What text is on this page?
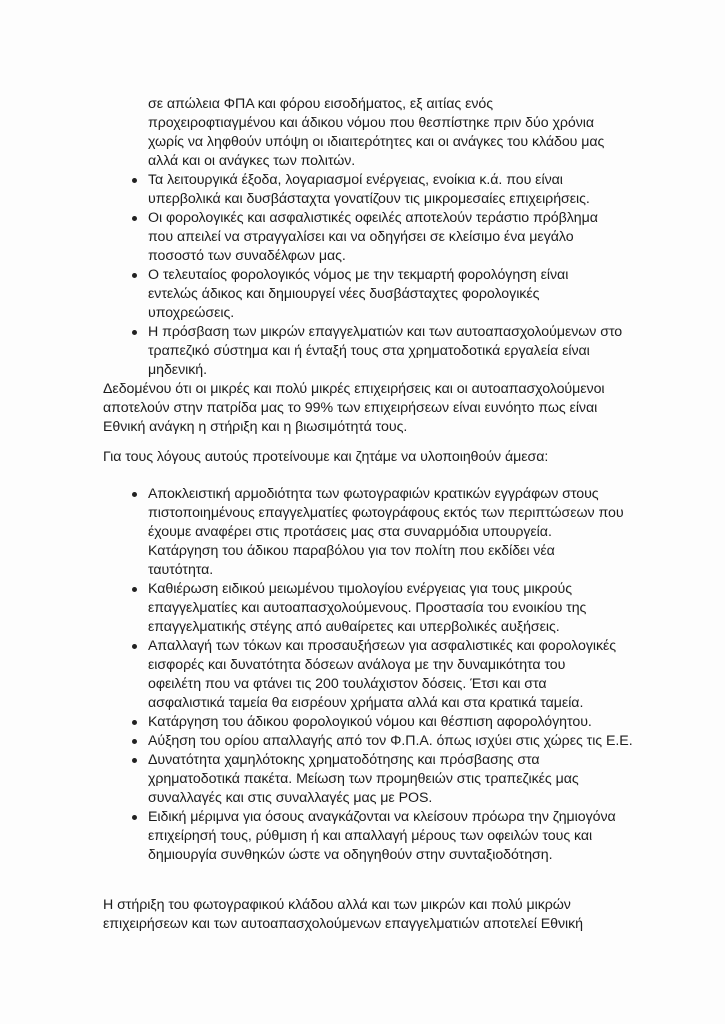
σε απώλεια ΦΠΑ και φόρου εισοδήματος, εξ αιτίας ενός
προχειροφτιαγμένου και άδικου νόμου που θεσπίστηκε πριν δύο χρόνια
χωρίς να ληφθούν υπόψη οι ιδιαιτερότητες και οι ανάγκες του κλάδου μας
αλλά και οι ανάγκες των πολιτών.
Τα λειτουργικά έξοδα, λογαριασμοί ενέργειας, ενοίκια κ.ά. που είναι
υπερβολικά και δυσβάσταχτα γονατίζουν τις μικρομεσαίες επιχειρήσεις.
Οι φορολογικές και ασφαλιστικές οφειλές αποτελούν τεράστιο πρόβλημα
που απειλεί να στραγγαλίσει και να οδηγήσει σε κλείσιμο ένα μεγάλο
ποσοστό των συναδέλφων μας.
Ο τελευταίος φορολογικός νόμος με την τεκμαρτή φορολόγηση είναι
εντελώς άδικος και δημιουργεί νέες δυσβάσταχτες φορολογικές
υποχρεώσεις.
Η πρόσβαση των μικρών επαγγελματιών και των αυτοαπασχολούμενων στο
τραπεζικό σύστημα και ή ένταξή τους στα χρηματοδοτικά εργαλεία είναι
μηδενική.
Δεδομένου ότι οι μικρές και πολύ μικρές επιχειρήσεις και οι αυτοαπασχολούμενοι
αποτελούν στην πατρίδα μας το 99% των επιχειρήσεων είναι ευνόητο πως είναι
Εθνική ανάγκη η στήριξη και η βιωσιμότητά τους.
Για τους λόγους αυτούς προτείνουμε και ζητάμε να υλοποιηθούν άμεσα:
Αποκλειστική αρμοδιότητα των φωτογραφιών κρατικών εγγράφων στους
πιστοποιημένους επαγγελματίες φωτογράφους εκτός των περιπτώσεων που
έχουμε αναφέρει στις προτάσεις μας στα συναρμόδια υπουργεία.
Κατάργηση του άδικου παραβόλου για τον πολίτη που εκδίδει νέα
ταυτότητα.
Καθιέρωση ειδικού μειωμένου τιμολογίου ενέργειας για τους μικρούς
επαγγελματίες και αυτοαπασχολούμενους. Προστασία του ενοικίου της
επαγγελματικής στέγης από αυθαίρετες και υπερβολικές αυξήσεις.
Απαλλαγή των τόκων και προσαυξήσεων για ασφαλιστικές και φορολογικές
εισφορές και δυνατότητα δόσεων ανάλογα με την δυναμικότητα του
οφειλέτη που να φτάνει τις 200 τουλάχιστον δόσεις. Έτσι και στα
ασφαλιστικά ταμεία θα εισρέουν χρήματα αλλά και στα κρατικά ταμεία.
Κατάργηση του άδικου φορολογικού νόμου και θέσπιση αφορολόγητου.
Αύξηση του ορίου απαλλαγής από τον Φ.Π.Α. όπως ισχύει στις χώρες τις Ε.Ε.
Δυνατότητα χαμηλότοκης χρηματοδότησης και πρόσβασης στα
χρηματοδοτικά πακέτα. Μείωση των προμηθειών στις τραπεζικές μας
συναλλαγές και στις συναλλαγές μας με POS.
Ειδική μέριμνα για όσους αναγκάζονται να κλείσουν πρόωρα την ζημιογόνα
επιχείρησή τους, ρύθμιση ή και απαλλαγή μέρους των οφειλών τους και
δημιουργία συνθηκών ώστε να οδηγηθούν στην συνταξιοδότηση.
Η στήριξη του φωτογραφικού κλάδου αλλά και των μικρών και πολύ μικρών
επιχειρήσεων και των αυτοαπασχολούμενων επαγγελματιών αποτελεί Εθνική
